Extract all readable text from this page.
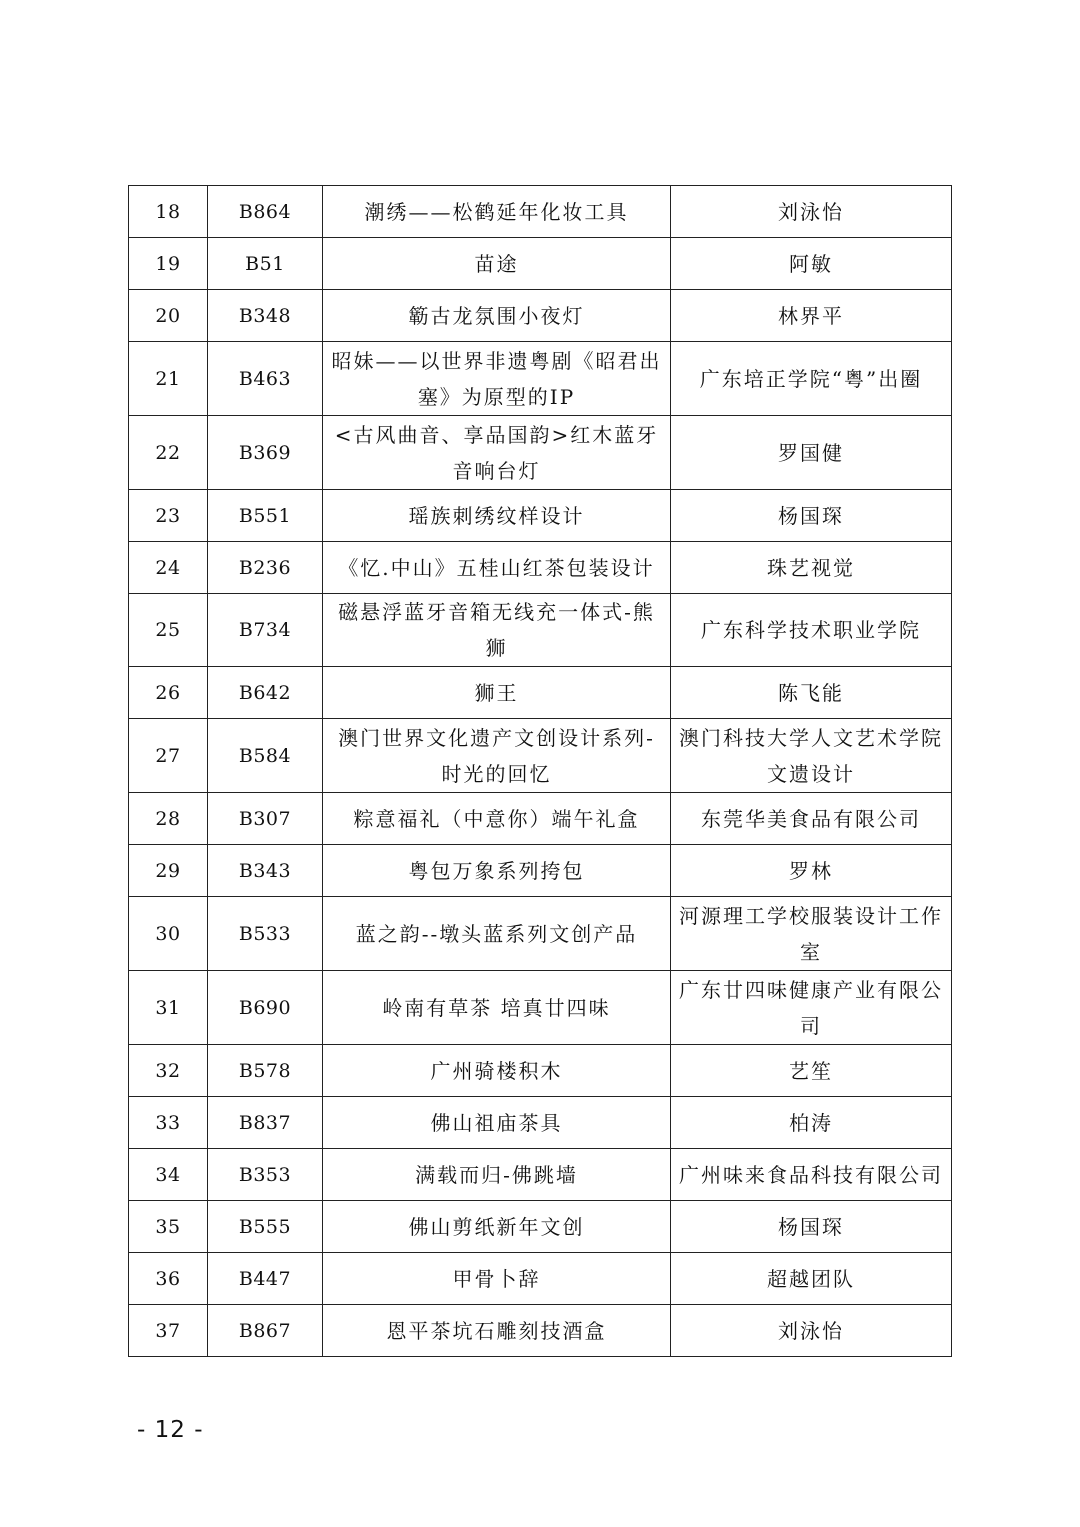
18	B864	潮绣——松鹤延年化妆工具	刘泳怡
19	B51	苗途	阿敏
20	B348	簕古龙氛围小夜灯	林界平
21	B463	昭妹——以世界非遗粤剧《昭君出塞》为原型的IP	广东培正学院“粤”出圈
22	B369	<古风曲音、享品国韵>红木蓝牙音响台灯	罗国健
23	B551	瑶族刺绣纹样设计	杨国琛
24	B236	《忆.中山》五桂山红茶包装设计	珠艺视觉
25	B734	磁悬浮蓝牙音箱无线充一体式-熊狮	广东科学技术职业学院
26	B642	狮王	陈飞能
27	B584	澳门世界文化遗产文创设计系列-时光的回忆	澳门科技大学人文艺术学院文遗设计
28	B307	粽意福礼（中意你）端午礼盒	东莞华美食品有限公司
29	B343	粤包万象系列挎包	罗林
30	B533	蓝之韵--墩头蓝系列文创产品	河源理工学校服装设计工作室
31	B690	岭南有草茶 培真廿四味	广东廿四味健康产业有限公司
32	B578	广州骑楼积木	艺笙
33	B837	佛山祖庙茶具	柏涛
34	B353	满载而归-佛跳墙	广州味来食品科技有限公司
35	B555	佛山剪纸新年文创	杨国琛
36	B447	甲骨卜辞	超越团队
37	B867	恩平茶坑石雕刻技酒盒	刘泳怡
- 12 -
